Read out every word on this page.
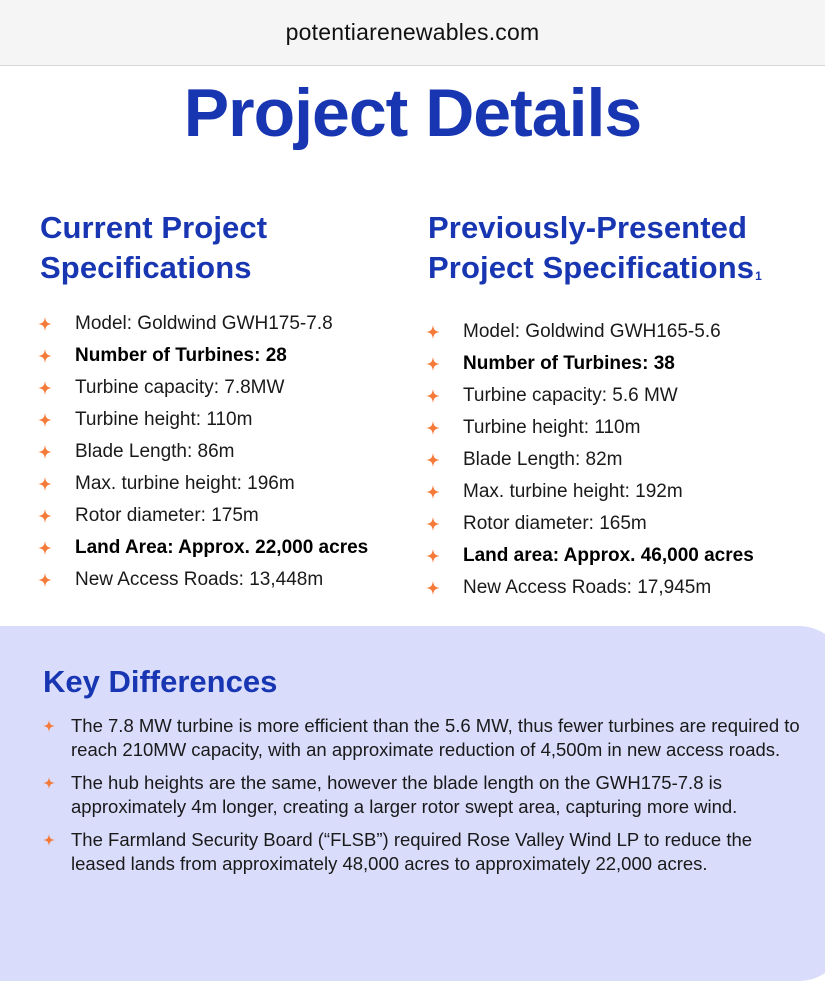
potentiarenewables.com
Project Details
Current Project
Specifications
Model: Goldwind GWH175-7.8
Number of Turbines: 28
Turbine capacity: 7.8MW
Turbine height: 110m
Blade Length: 86m
Max. turbine height: 196m
Rotor diameter: 175m
Land Area: Approx. 22,000 acres
New Access Roads: 13,448m
Previously-Presented
Project Specifications1
Model: Goldwind GWH165-5.6
Number of Turbines: 38
Turbine capacity: 5.6 MW
Turbine height: 110m
Blade Length: 82m
Max. turbine height: 192m
Rotor diameter: 165m
Land area: Approx. 46,000 acres
New Access Roads: 17,945m
Key Differences
The 7.8 MW turbine is more efficient than the 5.6 MW, thus fewer turbines are required to reach 210MW capacity, with an approximate reduction of 4,500m in new access roads.
The hub heights are the same, however the blade length on the GWH175-7.8 is approximately 4m longer, creating a larger rotor swept area, capturing more wind.
The Farmland Security Board (“FLSB”) required Rose Valley Wind LP to reduce the leased lands from approximately 48,000 acres to approximately 22,000 acres.
